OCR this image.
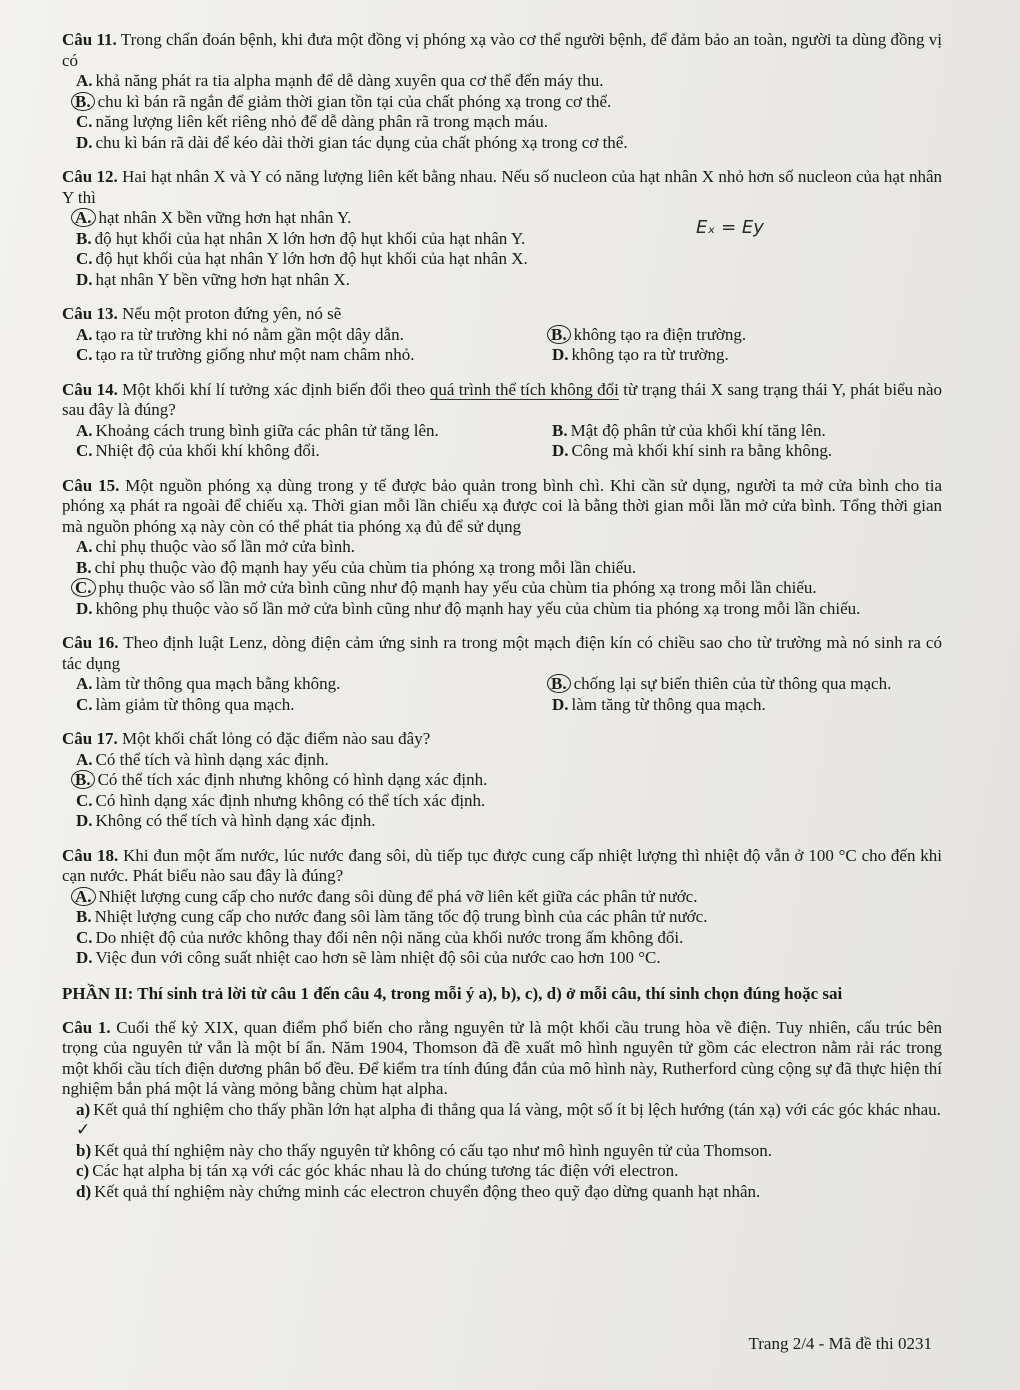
Câu 11. Trong chẩn đoán bệnh, khi đưa một đồng vị phóng xạ vào cơ thể người bệnh, để đảm bảo an toàn, người ta dùng đồng vị có
A. khả năng phát ra tia alpha mạnh để dễ dàng xuyên qua cơ thể đến máy thu.
B. chu kì bán rã ngắn để giảm thời gian tồn tại của chất phóng xạ trong cơ thể.
C. năng lượng liên kết riêng nhỏ để dễ dàng phân rã trong mạch máu.
D. chu kì bán rã dài để kéo dài thời gian tác dụng của chất phóng xạ trong cơ thể.
Câu 12. Hai hạt nhân X và Y có năng lượng liên kết bằng nhau. Nếu số nucleon của hạt nhân X nhỏ hơn số nucleon của hạt nhân Y thì
A. hạt nhân X bền vững hơn hạt nhân Y.
B. độ hụt khối của hạt nhân X lớn hơn độ hụt khối của hạt nhân Y.
C. độ hụt khối của hạt nhân Y lớn hơn độ hụt khối của hạt nhân X.
D. hạt nhân Y bền vững hơn hạt nhân X.
Câu 13. Nếu một proton đứng yên, nó sẽ
A. tạo ra từ trường khi nó nằm gần một dây dẫn.	B. không tạo ra điện trường.
C. tạo ra từ trường giống như một nam châm nhỏ.	D. không tạo ra từ trường.
Câu 14. Một khối khí lí tưởng xác định biến đổi theo quá trình thể tích không đổi từ trạng thái X sang trạng thái Y, phát biểu nào sau đây là đúng?
A. Khoảng cách trung bình giữa các phân tử tăng lên.	B. Mật độ phân tử của khối khí tăng lên.
C. Nhiệt độ của khối khí không đổi.	D. Công mà khối khí sinh ra bằng không.
Câu 15. Một nguồn phóng xạ dùng trong y tế được bảo quản trong bình chì. Khi cần sử dụng, người ta mở cửa bình cho tia phóng xạ phát ra ngoài để chiếu xạ. Thời gian mỗi lần chiếu xạ được coi là bằng thời gian mỗi lần mở cửa bình. Tổng thời gian mà nguồn phóng xạ này còn có thể phát tia phóng xạ đủ để sử dụng
A. chỉ phụ thuộc vào số lần mở cửa bình.
B. chỉ phụ thuộc vào độ mạnh hay yếu của chùm tia phóng xạ trong mỗi lần chiếu.
C. phụ thuộc vào số lần mở cửa bình cũng như độ mạnh hay yếu của chùm tia phóng xạ trong mỗi lần chiếu.
D. không phụ thuộc vào số lần mở cửa bình cũng như độ mạnh hay yếu của chùm tia phóng xạ trong mỗi lần chiếu.
Câu 16. Theo định luật Lenz, dòng điện cảm ứng sinh ra trong một mạch điện kín có chiều sao cho từ trường mà nó sinh ra có tác dụng
A. làm từ thông qua mạch bằng không.	B. chống lại sự biến thiên của từ thông qua mạch.
C. làm giảm từ thông qua mạch.	D. làm tăng từ thông qua mạch.
Câu 17. Một khối chất lỏng có đặc điểm nào sau đây?
A. Có thể tích và hình dạng xác định.
B. Có thể tích xác định nhưng không có hình dạng xác định.
C. Có hình dạng xác định nhưng không có thể tích xác định.
D. Không có thể tích và hình dạng xác định.
Câu 18. Khi đun một ấm nước, lúc nước đang sôi, dù tiếp tục được cung cấp nhiệt lượng thì nhiệt độ vẫn ở 100 °C cho đến khi cạn nước. Phát biểu nào sau đây là đúng?
A. Nhiệt lượng cung cấp cho nước đang sôi dùng để phá vỡ liên kết giữa các phân tử nước.
B. Nhiệt lượng cung cấp cho nước đang sôi làm tăng tốc độ trung bình của các phân tử nước.
C. Do nhiệt độ của nước không thay đổi nên nội năng của khối nước trong ấm không đổi.
D. Việc đun với công suất nhiệt cao hơn sẽ làm nhiệt độ sôi của nước cao hơn 100 °C.
PHẦN II: Thí sinh trả lời từ câu 1 đến câu 4, trong mỗi ý a), b), c), d) ở mỗi câu, thí sinh chọn đúng hoặc sai
Câu 1. Cuối thế kỷ XIX, quan điểm phổ biến cho rằng nguyên tử là một khối cầu trung hòa về điện. Tuy nhiên, cấu trúc bên trọng của nguyên tử vẫn là một bí ẩn. Năm 1904, Thomson đã đề xuất mô hình nguyên tử gồm các electron nằm rải rác trong một khối cầu tích điện dương phân bố đều. Để kiểm tra tính đúng đắn của mô hình này, Rutherford cùng cộng sự đã thực hiện thí nghiệm bắn phá một lá vàng mỏng bằng chùm hạt alpha.
a) Kết quả thí nghiệm cho thấy phần lớn hạt alpha đi thẳng qua lá vàng, một số ít bị lệch hướng (tán xạ) với các góc khác nhau. ✓
b) Kết quả thí nghiệm này cho thấy nguyên tử không có cấu tạo như mô hình nguyên tử của Thomson.
c) Các hạt alpha bị tán xạ với các góc khác nhau là do chúng tương tác điện với electron.
d) Kết quả thí nghiệm này chứng minh các electron chuyển động theo quỹ đạo dừng quanh hạt nhân.
Eₓ = Ey
Trang 2/4 - Mã đề thi 0231
